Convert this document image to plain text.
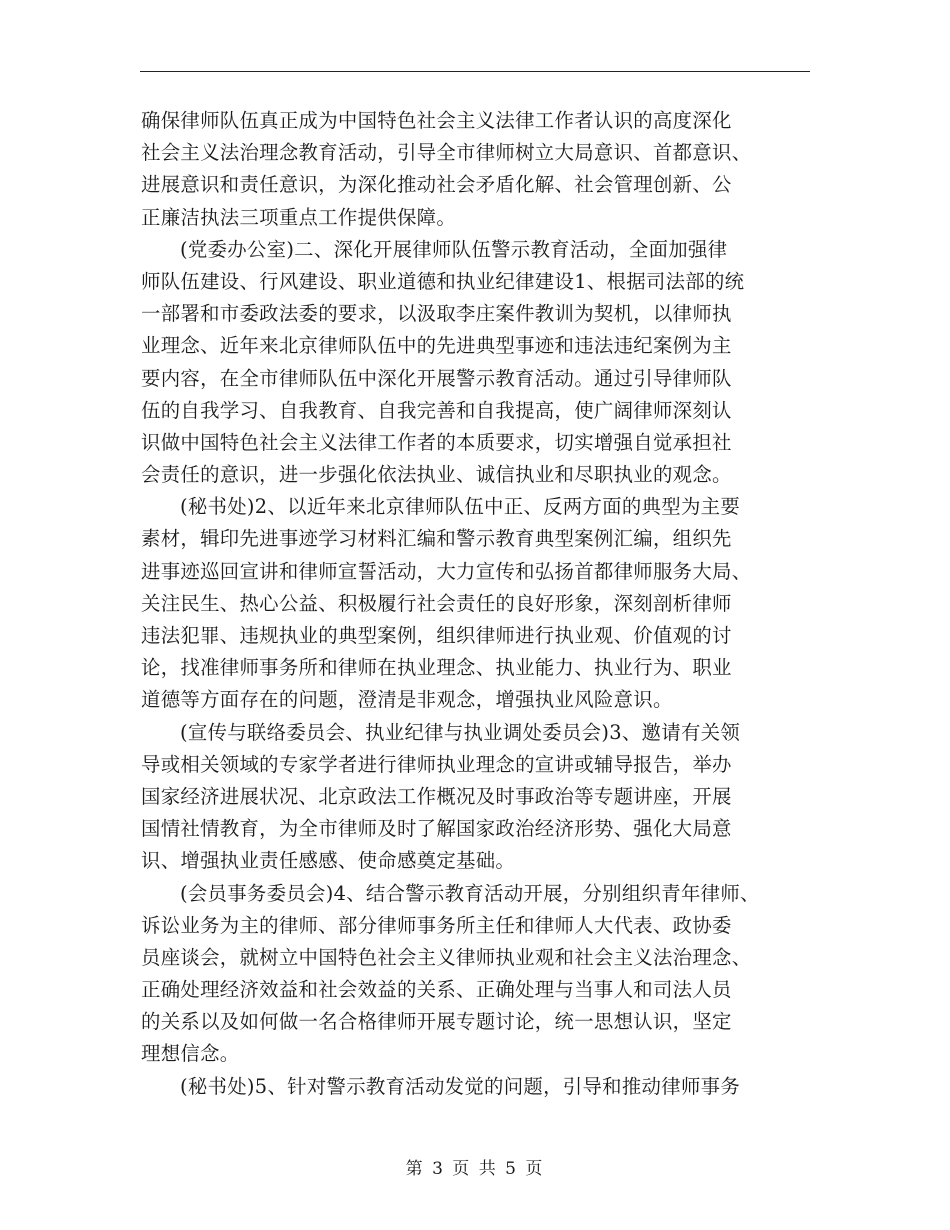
确保律师队伍真正成为中国特色社会主义法律工作者认识的高度深化
社会主义法治理念教育活动，引导全市律师树立大局意识、首都意识、
进展意识和责任意识，为深化推动社会矛盾化解、社会管理创新、公
正廉洁执法三项重点工作提供保障。
(党委办公室)二、深化开展律师队伍警示教育活动，全面加强律
师队伍建设、行风建设、职业道德和执业纪律建设1、根据司法部的统
一部署和市委政法委的要求，以汲取李庄案件教训为契机，以律师执
业理念、近年来北京律师队伍中的先进典型事迹和违法违纪案例为主
要内容，在全市律师队伍中深化开展警示教育活动。通过引导律师队
伍的自我学习、自我教育、自我完善和自我提高，使广阔律师深刻认
识做中国特色社会主义法律工作者的本质要求，切实增强自觉承担社
会责任的意识，进一步强化依法执业、诚信执业和尽职执业的观念。
(秘书处)2、以近年来北京律师队伍中正、反两方面的典型为主要
素材，辑印先进事迹学习材料汇编和警示教育典型案例汇编，组织先
进事迹巡回宣讲和律师宣誓活动，大力宣传和弘扬首都律师服务大局、
关注民生、热心公益、积极履行社会责任的良好形象，深刻剖析律师
违法犯罪、违规执业的典型案例，组织律师进行执业观、价值观的讨
论，找准律师事务所和律师在执业理念、执业能力、执业行为、职业
道德等方面存在的问题，澄清是非观念，增强执业风险意识。
(宣传与联络委员会、执业纪律与执业调处委员会)3、邀请有关领
导或相关领域的专家学者进行律师执业理念的宣讲或辅导报告，举办
国家经济进展状况、北京政法工作概况及时事政治等专题讲座，开展
国情社情教育，为全市律师及时了解国家政治经济形势、强化大局意
识、增强执业责任感感、使命感奠定基础。
(会员事务委员会)4、结合警示教育活动开展，分别组织青年律师、
诉讼业务为主的律师、部分律师事务所主任和律师人大代表、政协委
员座谈会，就树立中国特色社会主义律师执业观和社会主义法治理念、
正确处理经济效益和社会效益的关系、正确处理与当事人和司法人员
的关系以及如何做一名合格律师开展专题讨论，统一思想认识，坚定
理想信念。
(秘书处)5、针对警示教育活动发觉的问题，引导和推动律师事务
第 3 页 共 5 页
